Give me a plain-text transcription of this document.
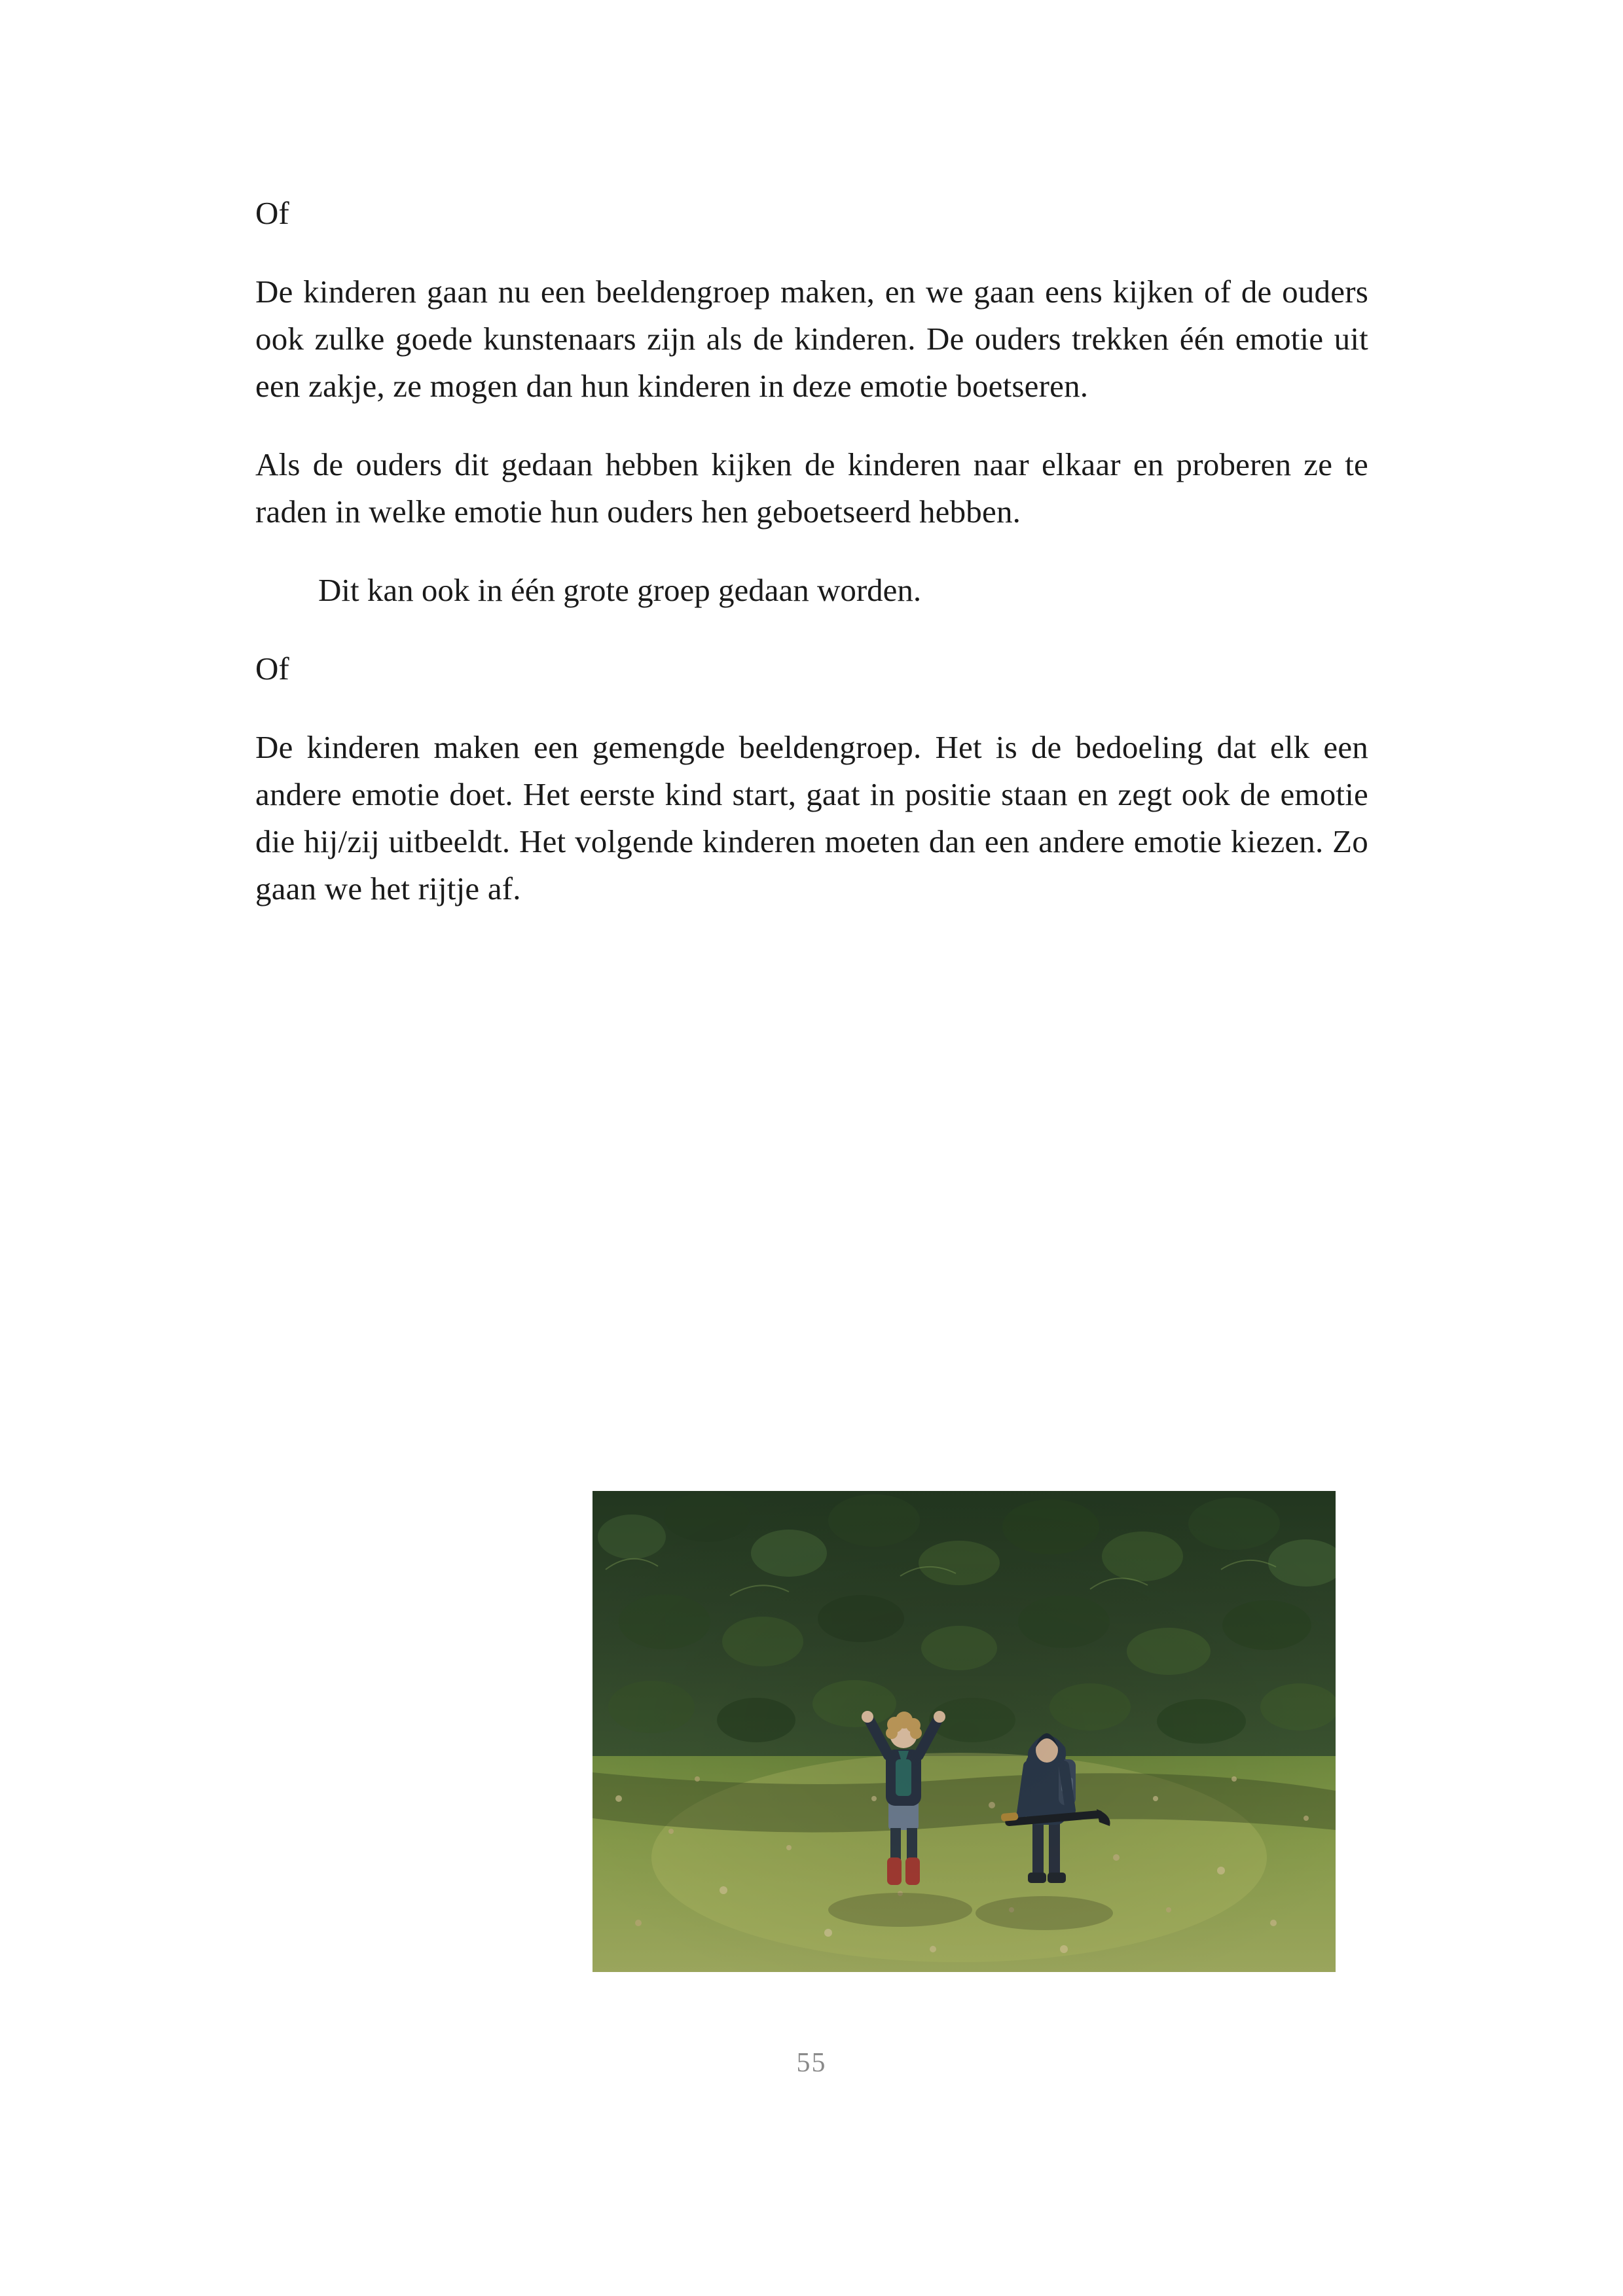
Of

De kinderen gaan nu een beeldengroep maken, en we gaan eens kijken of de ouders ook zulke goede kunstenaars zijn als de kinderen. De ouders trekken één emotie uit een zakje, ze mogen dan hun kinderen in deze emotie boetseren.

Als de ouders dit gedaan hebben kijken de kinderen naar elkaar en proberen ze te raden in welke emotie hun ouders hen geboetseerd hebben.

Dit kan ook in één grote groep gedaan worden.

Of

De kinderen maken een gemengde beeldengroep. Het is de bedoeling dat elk een andere emotie doet. Het eerste kind start, gaat in positie staan en zegt ook de emotie die hij/zij uitbeeldt. Het volgende kinderen moeten dan een andere emotie kiezen. Zo gaan we het rijtje af.

55
